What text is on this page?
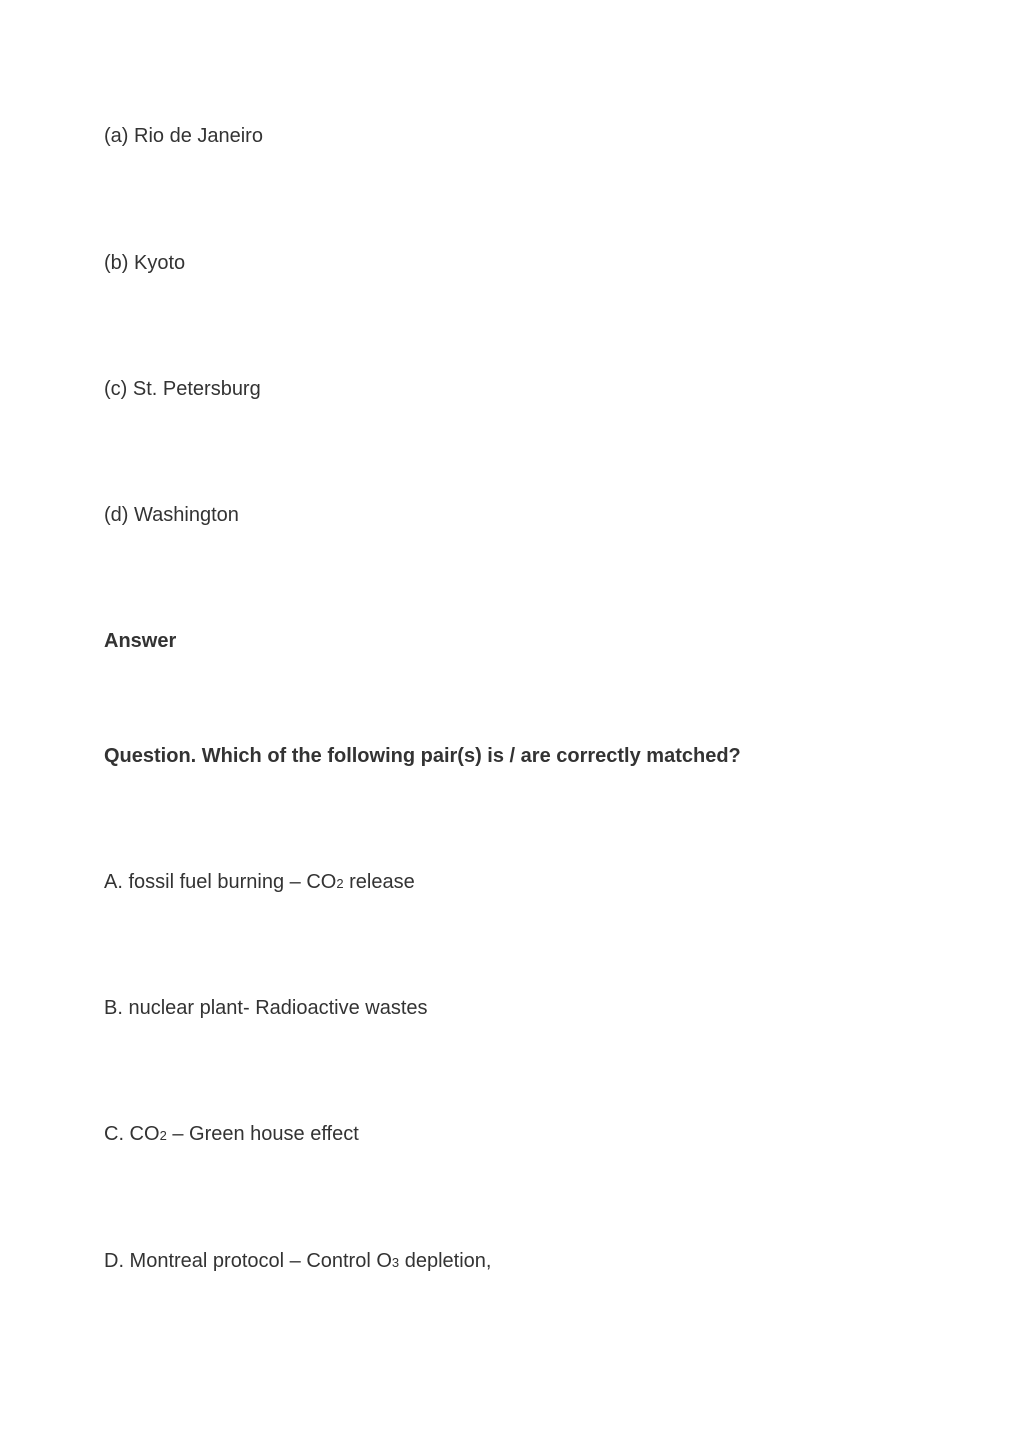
(a) Rio de Janeiro
(b) Kyoto
(c) St. Petersburg
(d) Washington
Answer
Question. Which of the following pair(s) is / are correctly matched?
A. fossil fuel burning – CO2 release
B. nuclear plant- Radioactive wastes
C. CO2 – Green house effect
D. Montreal protocol – Control O3 depletion,
